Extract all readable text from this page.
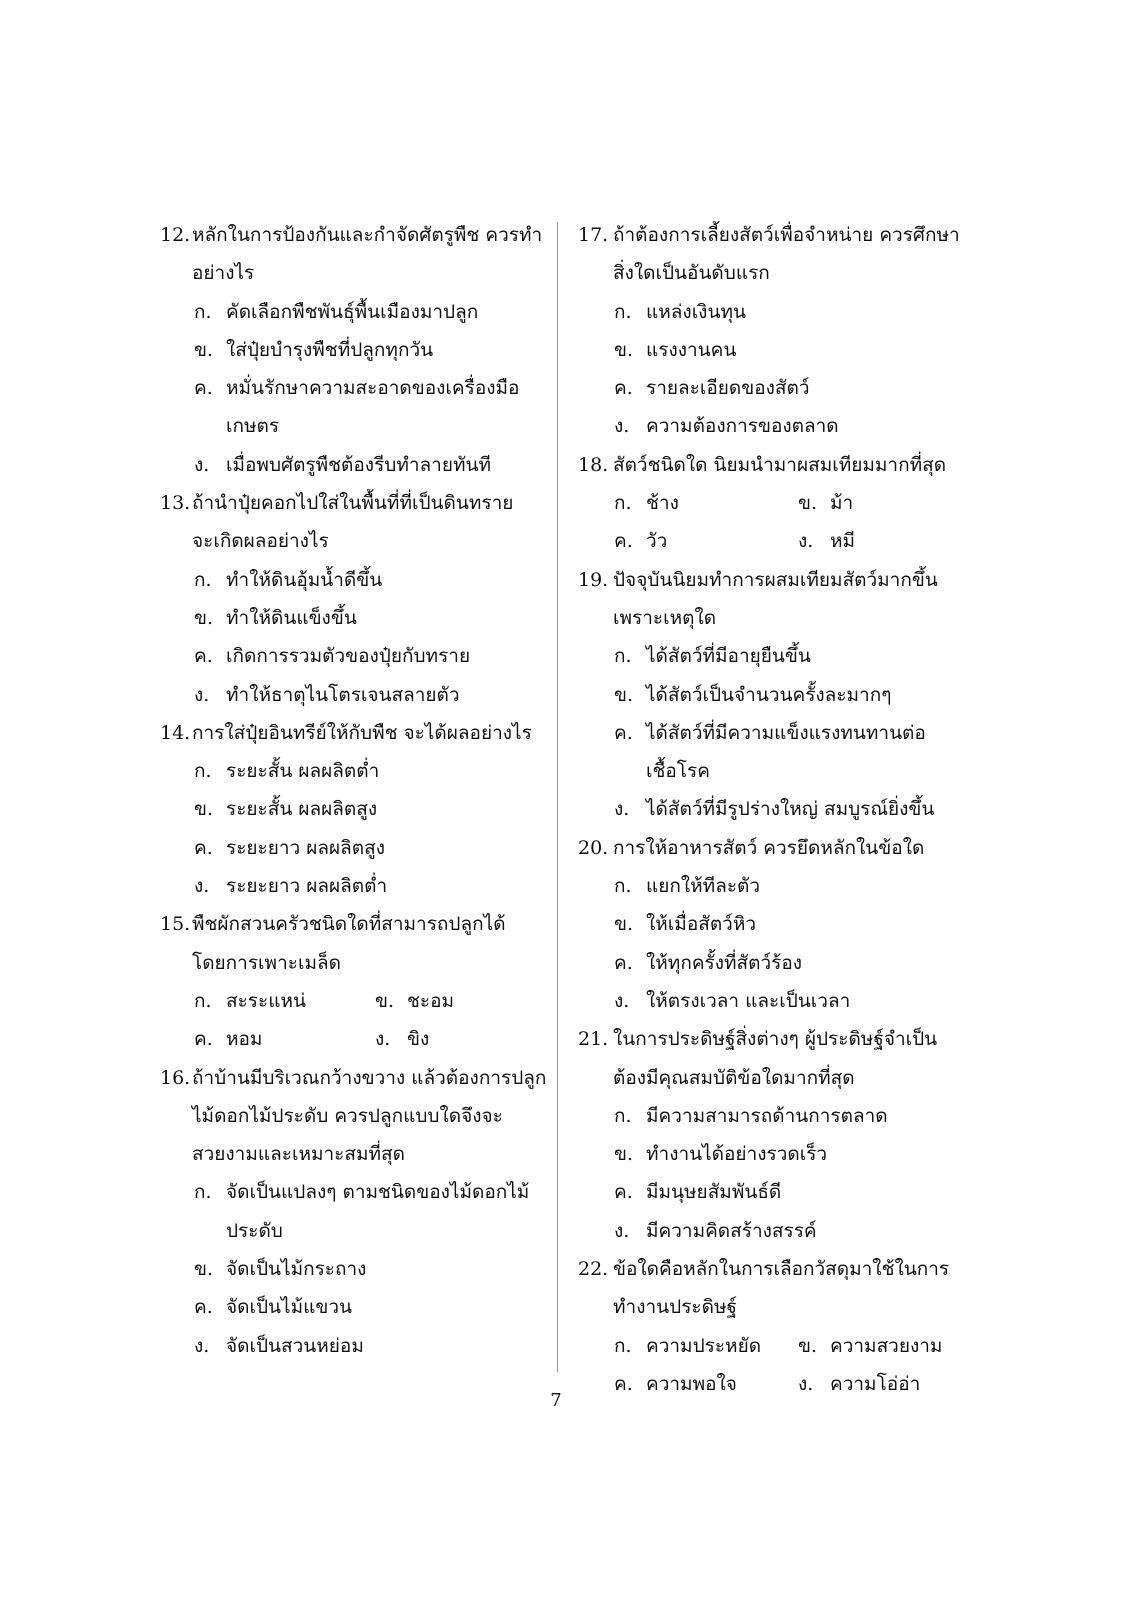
12. หลักในการป้องกันและกำจัดศัตรูพืช ควรทำ
อย่างไร
ก. คัดเลือกพืชพันธุ์พื้นเมืองมาปลูก
ข. ใส่ปุ๋ยบำรุงพืชที่ปลูกทุกวัน
ค. หมั่นรักษาความสะอาดของเครื่องมือ
เกษตร
ง. เมื่อพบศัตรูพืชต้องรีบทำลายทันที
13. ถ้านำปุ๋ยคอกไปใส่ในพื้นที่ที่เป็นดินทราย
จะเกิดผลอย่างไร
ก. ทำให้ดินอุ้มน้ำดีขึ้น
ข. ทำให้ดินแข็งขึ้น
ค. เกิดการรวมตัวของปุ๋ยกับทราย
ง. ทำให้ธาตุไนโตรเจนสลายตัว
14. การใส่ปุ๋ยอินทรีย์ให้กับพืช จะได้ผลอย่างไร
ก. ระยะสั้น ผลผลิตต่ำ
ข. ระยะสั้น ผลผลิตสูง
ค. ระยะยาว ผลผลิตสูง
ง. ระยะยาว ผลผลิตต่ำ
15. พืชผักสวนครัวชนิดใดที่สามารถปลูกได้
โดยการเพาะเมล็ด
ก. สะระแหน่	ข. ชะอม
ค. หอม	ง. ขิง
16. ถ้าบ้านมีบริเวณกว้างขวาง แล้วต้องการปลูก
ไม้ดอกไม้ประดับ ควรปลูกแบบใดจึงจะ
สวยงามและเหมาะสมที่สุด
ก. จัดเป็นแปลงๆ ตามชนิดของไม้ดอกไม้
ประดับ
ข. จัดเป็นไม้กระถาง
ค. จัดเป็นไม้แขวน
ง. จัดเป็นสวนหย่อม
17. ถ้าต้องการเลี้ยงสัตว์เพื่อจำหน่าย ควรศึกษา
สิ่งใดเป็นอันดับแรก
ก. แหล่งเงินทุน
ข. แรงงานคน
ค. รายละเอียดของสัตว์
ง. ความต้องการของตลาด
18. สัตว์ชนิดใด นิยมนำมาผสมเทียมมากที่สุด
ก. ช้าง	ข. ม้า
ค. วัว	ง. หมี
19. ปัจจุบันนิยมทำการผสมเทียมสัตว์มากขึ้น
เพราะเหตุใด
ก. ได้สัตว์ที่มีอายุยืนขึ้น
ข. ได้สัตว์เป็นจำนวนครั้งละมากๆ
ค. ได้สัตว์ที่มีความแข็งแรงทนทานต่อ
เชื้อโรค
ง. ได้สัตว์ที่มีรูปร่างใหญ่ สมบูรณ์ยิ่งขึ้น
20. การให้อาหารสัตว์ ควรยึดหลักในข้อใด
ก. แยกให้ทีละตัว
ข. ให้เมื่อสัตว์หิว
ค. ให้ทุกครั้งที่สัตว์ร้อง
ง. ให้ตรงเวลา และเป็นเวลา
21. ในการประดิษฐ์สิ่งต่างๆ ผู้ประดิษฐ์จำเป็น
ต้องมีคุณสมบัติข้อใดมากที่สุด
ก. มีความสามารถด้านการตลาด
ข. ทำงานได้อย่างรวดเร็ว
ค. มีมนุษยสัมพันธ์ดี
ง. มีความคิดสร้างสรรค์
22. ข้อใดคือหลักในการเลือกวัสดุมาใช้ในการ
ทำงานประดิษฐ์
ก. ความประหยัด ข. ความสวยงาม
ค. ความพอใจ	ง. ความโอ่อ่า
7
